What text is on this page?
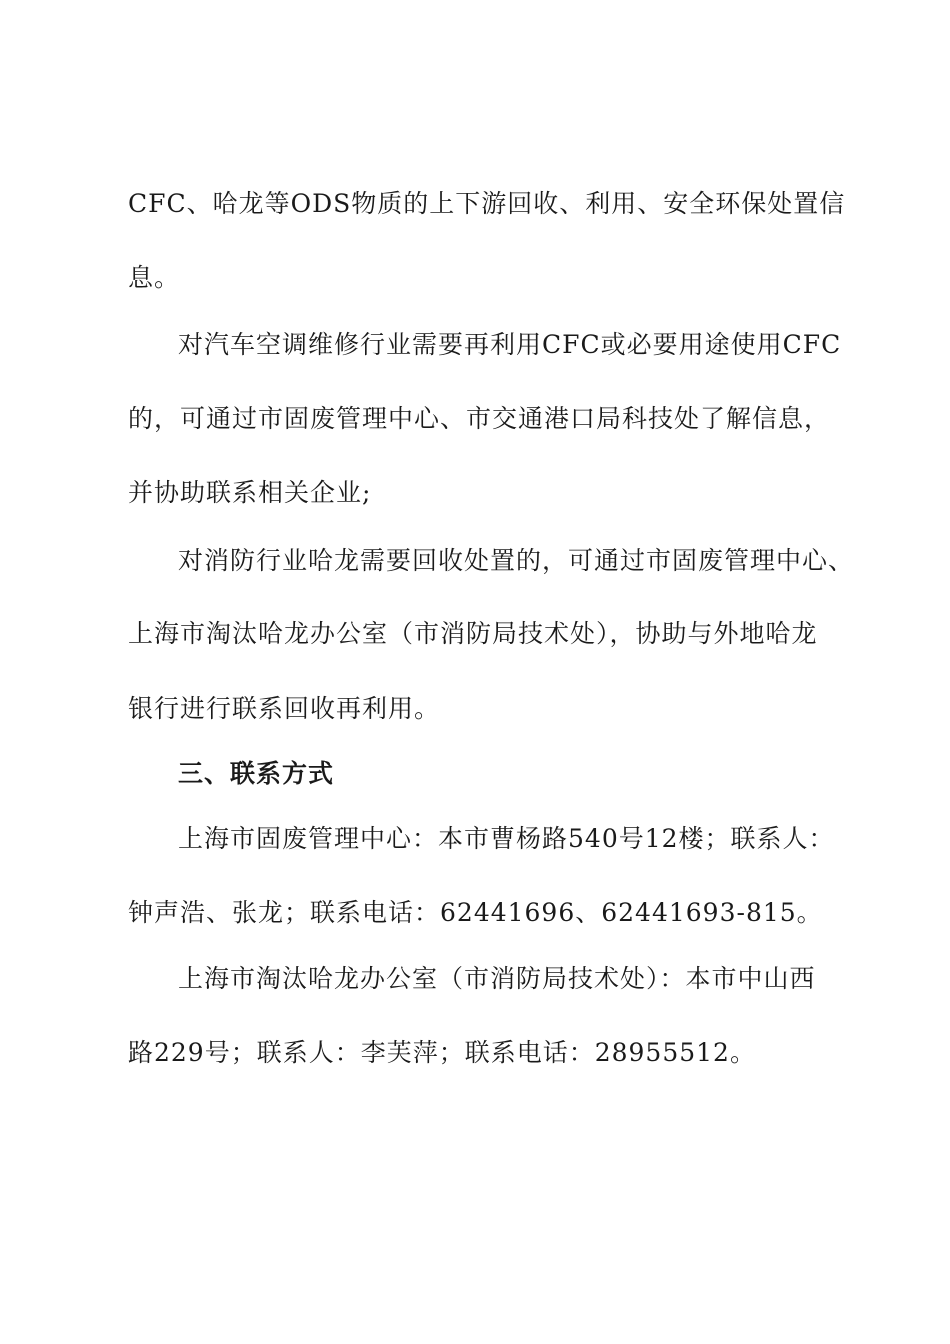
CFC、哈龙等ODS物质的上下游回收、利用、安全环保处置信
息。
对汽车空调维修行业需要再利用CFC或必要用途使用CFC
的，可通过市固废管理中心、市交通港口局科技处了解信息，
并协助联系相关企业;
对消防行业哈龙需要回收处置的，可通过市固废管理中心、
上海市淘汰哈龙办公室（市消防局技术处），协助与外地哈龙
银行进行联系回收再利用。
三、联系方式
上海市固废管理中心：本市曹杨路540号12楼；联系人：
钟声浩、张龙；联系电话：62441696、62441693-815。
上海市淘汰哈龙办公室（市消防局技术处）：本市中山西
路229号；联系人：李芙萍；联系电话：28955512。
